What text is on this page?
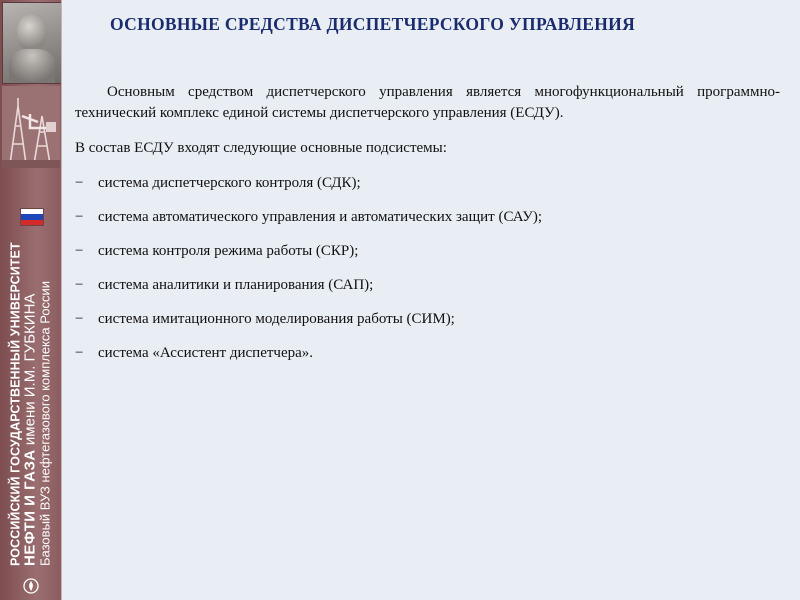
РОССИЙСКИЙ ГОСУДАРСТВЕННЫЙ УНИВЕРСИТЕТ НЕФТИ И ГАЗА имени И.М. ГУБКИНА
Базовый ВУЗ нефтегазового комплекса России
ОСНОВНЫЕ СРЕДСТВА ДИСПЕТЧЕРСКОГО УПРАВЛЕНИЯ

Основным средством диспетчерского управления является многофункциональный программно-технический комплекс единой системы диспетчерского управления (ЕСДУ).

В состав ЕСДУ входят следующие основные подсистемы:

− система диспетчерского контроля (СДК);
− система автоматического управления и автоматических защит (САУ);
− система контроля режима работы (СКР);
− система аналитики и планирования (САП);
− система имитационного моделирования работы (СИМ);
− система «Ассистент диспетчера».
